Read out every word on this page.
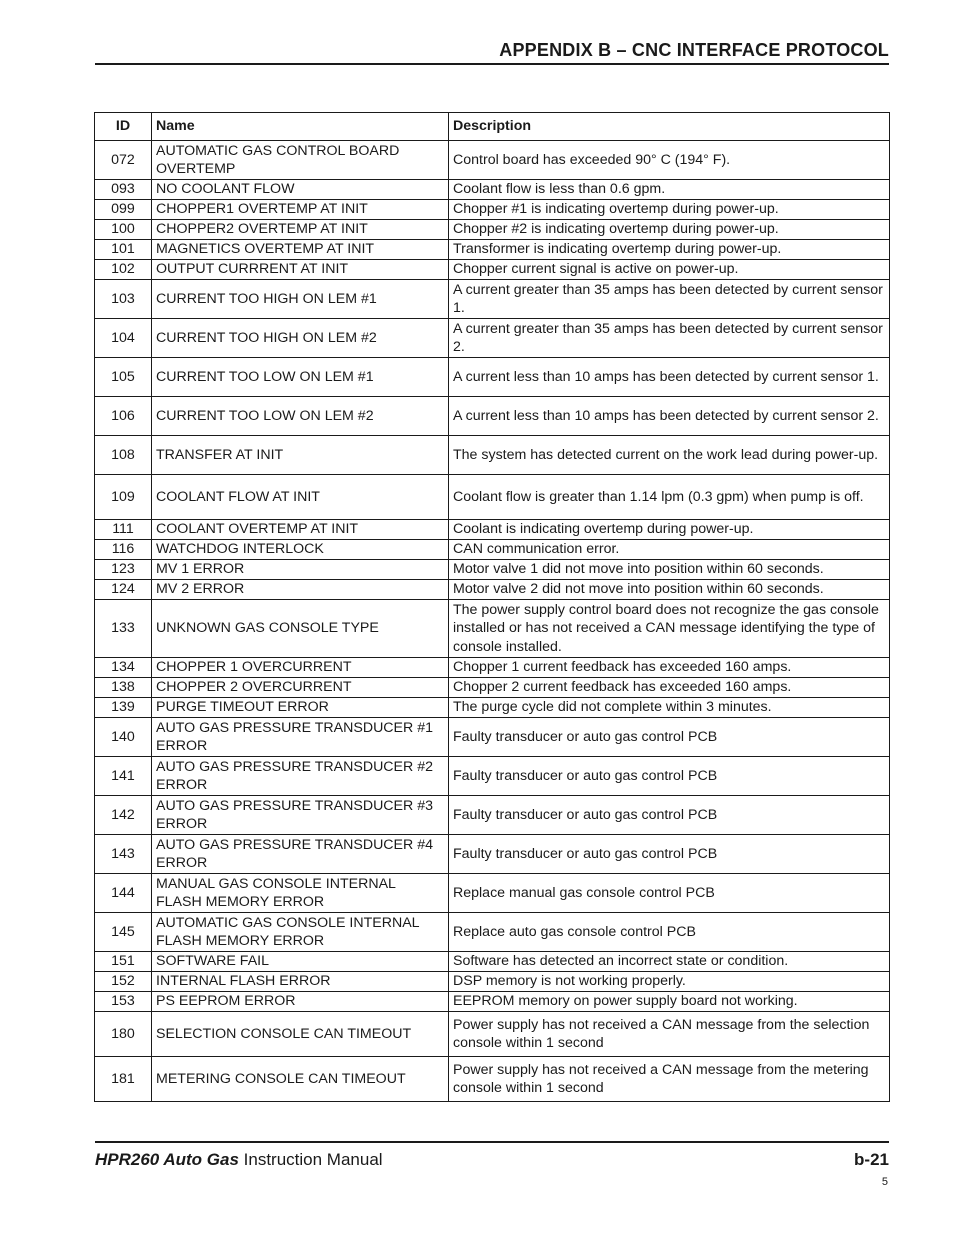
APPENDIX B – CNC INTERFACE PROTOCOL
ID	Name	Description
072	AUTOMATIC GAS CONTROL BOARD OVERTEMP	Control board has exceeded 90° C (194° F).
093	NO COOLANT FLOW	Coolant flow is less than 0.6 gpm.
099	CHOPPER1 OVERTEMP AT INIT	Chopper #1 is indicating overtemp during power-up.
100	CHOPPER2 OVERTEMP AT INIT	Chopper #2 is indicating overtemp during power-up.
101	MAGNETICS OVERTEMP AT INIT	Transformer is indicating overtemp during power-up.
102	OUTPUT CURRRENT AT INIT	Chopper current signal is active on power-up.
103	CURRENT TOO HIGH ON LEM #1	A current greater than 35 amps has been detected by current sensor 1.
104	CURRENT TOO HIGH ON LEM #2	A current greater than 35 amps has been detected by current sensor 2.
105	CURRENT TOO LOW ON LEM #1	A current less than 10 amps has been detected by current sensor 1.
106	CURRENT TOO LOW ON LEM #2	A current less than 10 amps has been detected by current sensor 2.
108	TRANSFER AT INIT	The system has detected current on the work lead during power-up.
109	COOLANT FLOW AT INIT	Coolant flow is greater than 1.14 lpm (0.3 gpm) when pump is off.
111	COOLANT OVERTEMP AT INIT	Coolant is indicating overtemp during power-up.
116	WATCHDOG INTERLOCK	CAN communication error.
123	MV 1 ERROR	Motor valve 1 did not move into position within 60 seconds.
124	MV 2 ERROR	Motor valve 2 did not move into position within 60 seconds.
133	UNKNOWN GAS CONSOLE TYPE	The power supply control board does not recognize the gas console installed or has not received a CAN message identifying the type of console installed.
134	CHOPPER 1 OVERCURRENT	Chopper 1 current feedback has exceeded 160 amps.
138	CHOPPER 2 OVERCURRENT	Chopper 2 current feedback has exceeded 160 amps.
139	PURGE TIMEOUT ERROR	The purge cycle did not complete within 3 minutes.
140	AUTO GAS PRESSURE TRANSDUCER #1 ERROR	Faulty transducer or auto gas control PCB
141	AUTO GAS PRESSURE TRANSDUCER #2 ERROR	Faulty transducer or auto gas control PCB
142	AUTO GAS PRESSURE TRANSDUCER #3 ERROR	Faulty transducer or auto gas control PCB
143	AUTO GAS PRESSURE TRANSDUCER #4 ERROR	Faulty transducer or auto gas control PCB
144	MANUAL GAS CONSOLE INTERNAL FLASH MEMORY ERROR	Replace manual gas console control PCB
145	AUTOMATIC GAS CONSOLE INTERNAL FLASH MEMORY ERROR	Replace auto gas console control PCB
151	SOFTWARE FAIL	Software has detected an incorrect state or condition.
152	INTERNAL FLASH ERROR	DSP memory is not working properly.
153	PS EEPROM ERROR	EEPROM memory on power supply board not working.
180	SELECTION CONSOLE CAN TIMEOUT	Power supply has not received a CAN message from the selection console within 1 second
181	METERING CONSOLE CAN TIMEOUT	Power supply has not received a CAN message from the metering console within 1 second
HPR260 Auto Gas Instruction Manual	b-21
5
